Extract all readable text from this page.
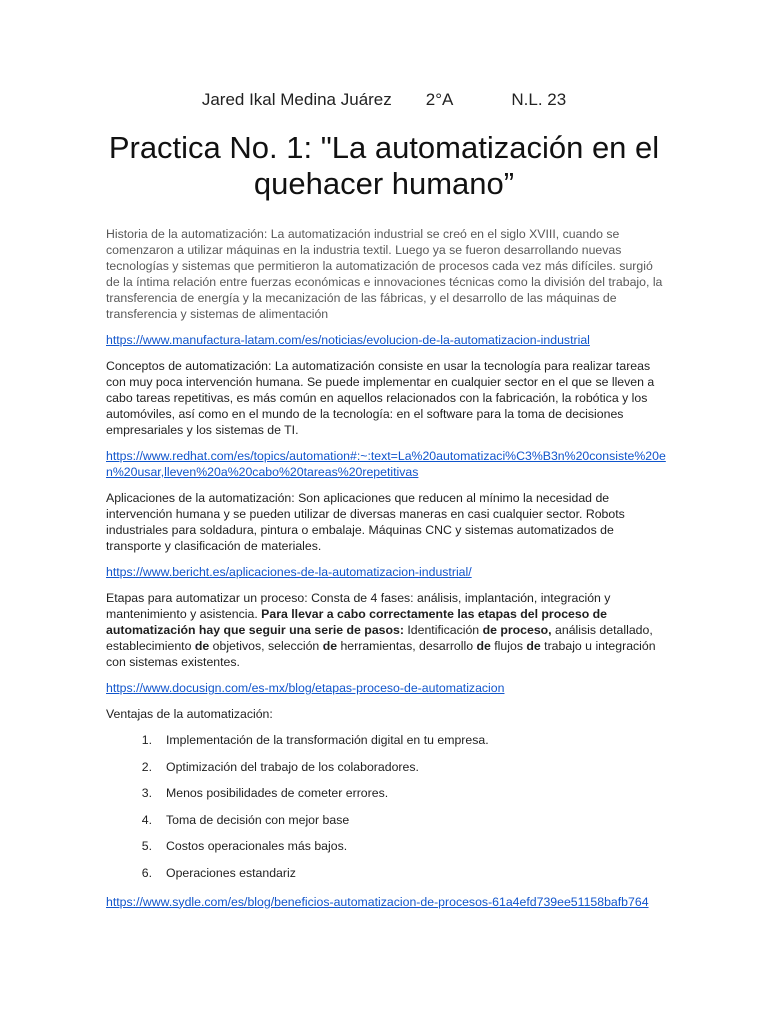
Jared Ikal Medina Juárez 2°A	N.L. 23
Practica No. 1: "La automatización en el quehacer humano”

Historia de la automatización: La automatización industrial se creó en el siglo XVIII, cuando se comenzaron a utilizar máquinas en la industria textil. Luego ya se fueron desarrollando nuevas tecnologías y sistemas que permitieron la automatización de procesos cada vez más difíciles. surgió de la íntima relación entre fuerzas económicas e innovaciones técnicas como la división del trabajo, la transferencia de energía y la mecanización de las fábricas, y el desarrollo de las máquinas de transferencia y sistemas de alimentación

https://www.manufactura-latam.com/es/noticias/evolucion-de-la-automatizacion-industrial

Conceptos de automatización: La automatización consiste en usar la tecnología para realizar tareas con muy poca intervención humana. Se puede implementar en cualquier sector en el que se lleven a cabo tareas repetitivas, es más común en aquellos relacionados con la fabricación, la robótica y los automóviles, así como en el mundo de la tecnología: en el software para la toma de decisiones empresariales y los sistemas de TI.

https://www.redhat.com/es/topics/automation#:~:text=La%20automatizaci%C3%B3n%20consiste%20en%20usar,lleven%20a%20cabo%20tareas%20repetitivas

Aplicaciones de la automatización: Son aplicaciones que reducen al mínimo la necesidad de intervención humana y se pueden utilizar de diversas maneras en casi cualquier sector. Robots industriales para soldadura, pintura o embalaje. Máquinas CNC y sistemas automatizados de transporte y clasificación de materiales.

https://www.bericht.es/aplicaciones-de-la-automatizacion-industrial/

Etapas para automatizar un proceso: Consta de 4 fases: análisis, implantación, integración y mantenimiento y asistencia. Para llevar a cabo correctamente las etapas del proceso de automatización hay que seguir una serie de pasos: Identificación de proceso, análisis detallado, establecimiento de objetivos, selección de herramientas, desarrollo de flujos de trabajo u integración con sistemas existentes.

https://www.docusign.com/es-mx/blog/etapas-proceso-de-automatizacion

Ventajas de la automatización:

1.	Implementación de la transformación digital en tu empresa.
2.	Optimización del trabajo de los colaboradores.
3.	Menos posibilidades de cometer errores.
4.	Toma de decisión con mejor base
5.	Costos operacionales más bajos.
6.	Operaciones estandariz
https://www.sydle.com/es/blog/beneficios-automatizacion-de-procesos-61a4efd739ee51158bafb764
